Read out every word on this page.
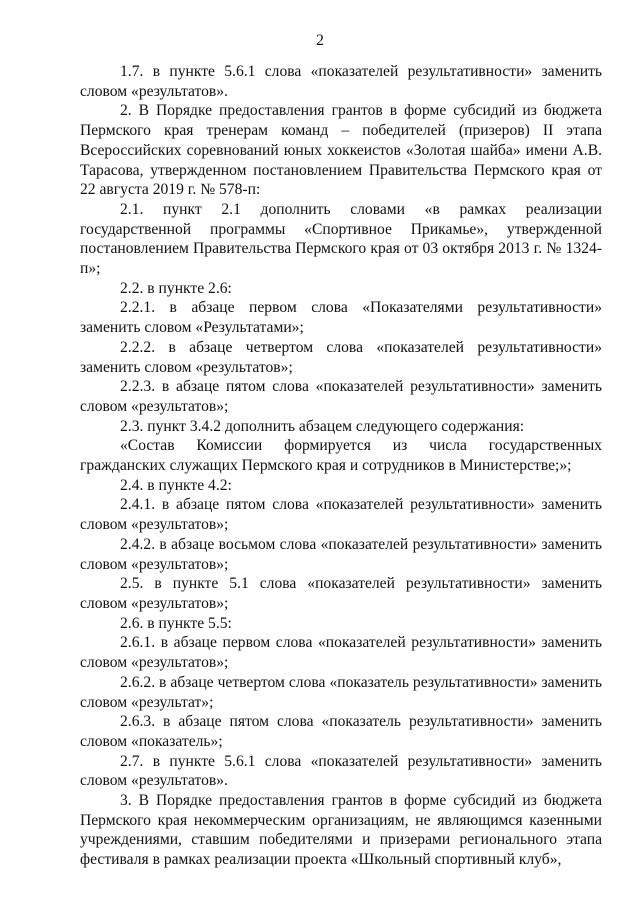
2

1.7. в пункте 5.6.1 слова «показателей результативности» заменить словом «результатов».

2. В Порядке предоставления грантов в форме субсидий из бюджета Пермского края тренерам команд – победителей (призеров) II этапа Всероссийских соревнований юных хоккеистов «Золотая шайба» имени А.В. Тарасова, утвержденном постановлением Правительства Пермского края от 22 августа 2019 г. № 578-п:

2.1. пункт 2.1 дополнить словами «в рамках реализации государственной программы «Спортивное Прикамье», утвержденной постановлением Правительства Пермского края от 03 октября 2013 г. № 1324-п»;

2.2. в пункте 2.6:

2.2.1. в абзаце первом слова «Показателями результативности» заменить словом «Результатами»;

2.2.2. в абзаце четвертом слова «показателей результативности» заменить словом «результатов»;

2.2.3. в абзаце пятом слова «показателей результативности» заменить словом «результатов»;

2.3. пункт 3.4.2 дополнить абзацем следующего содержания:

«Состав Комиссии формируется из числа государственных гражданских служащих Пермского края и сотрудников в Министерстве;»;

2.4. в пункте 4.2:

2.4.1. в абзаце пятом слова «показателей результативности» заменить словом «результатов»;

2.4.2. в абзаце восьмом слова «показателей результативности» заменить словом «результатов»;

2.5. в пункте 5.1 слова «показателей результативности» заменить словом «результатов»;

2.6. в пункте 5.5:

2.6.1. в абзаце первом слова «показателей результативности» заменить словом «результатов»;

2.6.2. в абзаце четвертом слова «показатель результативности» заменить словом «результат»;

2.6.3. в абзаце пятом слова «показатель результативности» заменить словом «показатель»;

2.7. в пункте 5.6.1 слова «показателей результативности» заменить словом «результатов».

3. В Порядке предоставления грантов в форме субсидий из бюджета Пермского края некоммерческим организациям, не являющимся казенными учреждениями, ставшим победителями и призерами регионального этапа фестиваля в рамках реализации проекта «Школьный спортивный клуб»,
